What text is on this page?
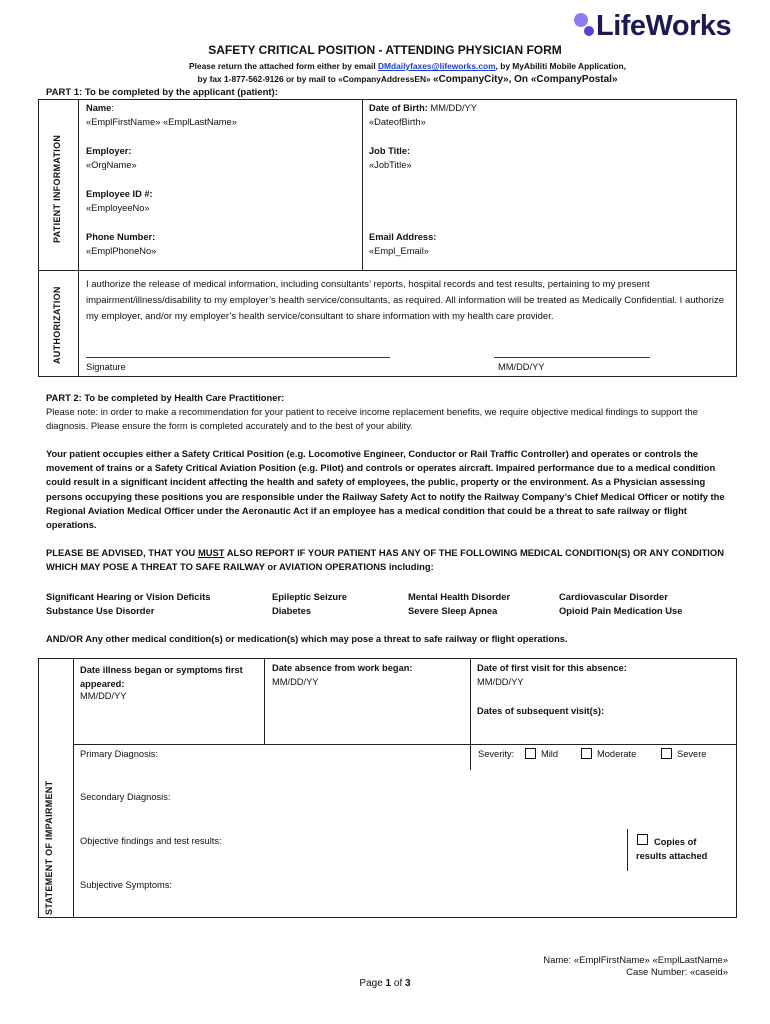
LifeWorks
SAFETY CRITICAL POSITION - ATTENDING PHYSICIAN FORM
Please return the attached form either by email DMdailyfaxes@lifeworks.com, by MyAbiliti Mobile Application,
by fax 1-877-562-9126 or by mail to «CompanyAddressEN» «CompanyCity», On «CompanyPostal»
PART 1: To be completed by the applicant (patient):
PATIENT INFORMATION
AUTHORIZATION
Name:
«EmplFirstName» «EmplLastName»
Date of Birth: MM/DD/YY
«DateofBirth»
Employer:
«OrgName»
Job Title:
«JobTitle»
Employee ID #:
«EmployeeNo»
Phone Number:
«EmplPhoneNo»
Email Address:
«Empl_Email»
I authorize the release of medical information, including consultants’ reports, hospital records and test results, pertaining to my present impairment/illness/disability to my employer’s health service/consultants, as required. All information will be treated as Medically Confidential. I authorize my employer, and/or my employer’s health service/consultant to share information with my health care provider.
Signature	MM/DD/YY
PART 2: To be completed by Health Care Practitioner:
Please note: in order to make a recommendation for your patient to receive income replacement benefits, we require objective medical findings to support the diagnosis. Please ensure the form is completed accurately and to the best of your ability.
Your patient occupies either a Safety Critical Position (e.g. Locomotive Engineer, Conductor or Rail Traffic Controller) and operates or controls the movement of trains or a Safety Critical Aviation Position (e.g. Pilot) and controls or operates aircraft. Impaired performance due to a medical condition could result in a significant incident affecting the health and safety of employees, the public, property or the environment. As a Physician assessing persons occupying these positions you are responsible under the Railway Safety Act to notify the Railway Company’s Chief Medical Officer or notify the Regional Aviation Medical Officer under the Aeronautic Act if an employee has a medical condition that could be a threat to safe railway or flight operations.
PLEASE BE ADVISED, THAT YOU MUST ALSO REPORT IF YOUR PATIENT HAS ANY OF THE FOLLOWING MEDICAL CONDITION(S) OR ANY CONDITION WHICH MAY POSE A THREAT TO SAFE RAILWAY or AVIATION OPERATIONS including:
Significant Hearing or Vision Deficits
Substance Use Disorder
Epileptic Seizure
Diabetes
Mental Health Disorder
Severe Sleep Apnea
Cardiovascular Disorder
Opioid Pain Medication Use
AND/OR Any other medical condition(s) or medication(s) which may pose a threat to safe railway or flight operations.
STATEMENT OF IMPAIRMENT
Date illness began or symptoms first appeared:
MM/DD/YY
Date absence from work began:
MM/DD/YY
Date of first visit for this absence:
MM/DD/YY
Dates of subsequent visit(s):
Primary Diagnosis:	Severity:	Mild	Moderate	Severe
Secondary Diagnosis:
Objective findings and test results:	Copies of results attached
Subjective Symptoms:
Name: «EmplFirstName» «EmplLastName»
Case Number: «caseid»
Page 1 of 3
